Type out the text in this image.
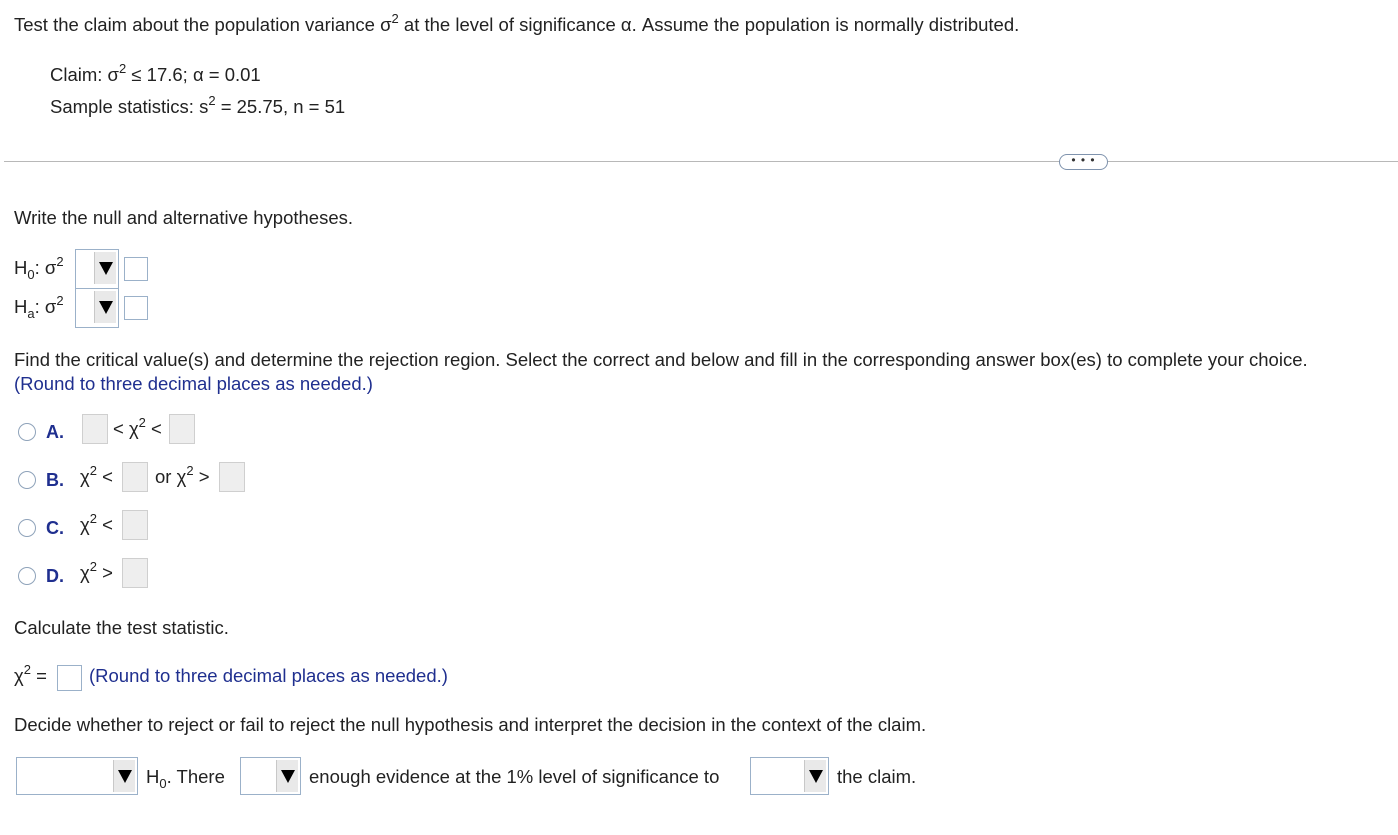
Test the claim about the population variance $\sigma^2$ at the level of significance α. Assume the population is normally distributed.
Claim: $\sigma^2 \le 17.6$; α = 0.01
Sample statistics: $s^2 = 25.75$, n = 51
• • •
Write the null and alternative hypotheses.
$H_0$: $\sigma^2$
$H_a$: $\sigma^2$
Find the critical value(s) and determine the rejection region. Select the correct and below and fill in the corresponding answer box(es) to complete your choice.
(Round to three decimal places as needed.)
A.	< $\chi^2$ <
B. $\chi^2$ < or $\chi^2$ >
C. $\chi^2$ <
D. $\chi^2$ >
Calculate the test statistic.
$\chi^2$ = (Round to three decimal places as needed.)
Decide whether to reject or fail to reject the null hypothesis and interpret the decision in the context of the claim.
$H_0$. There	enough evidence at the 1% level of significance to	the claim.
